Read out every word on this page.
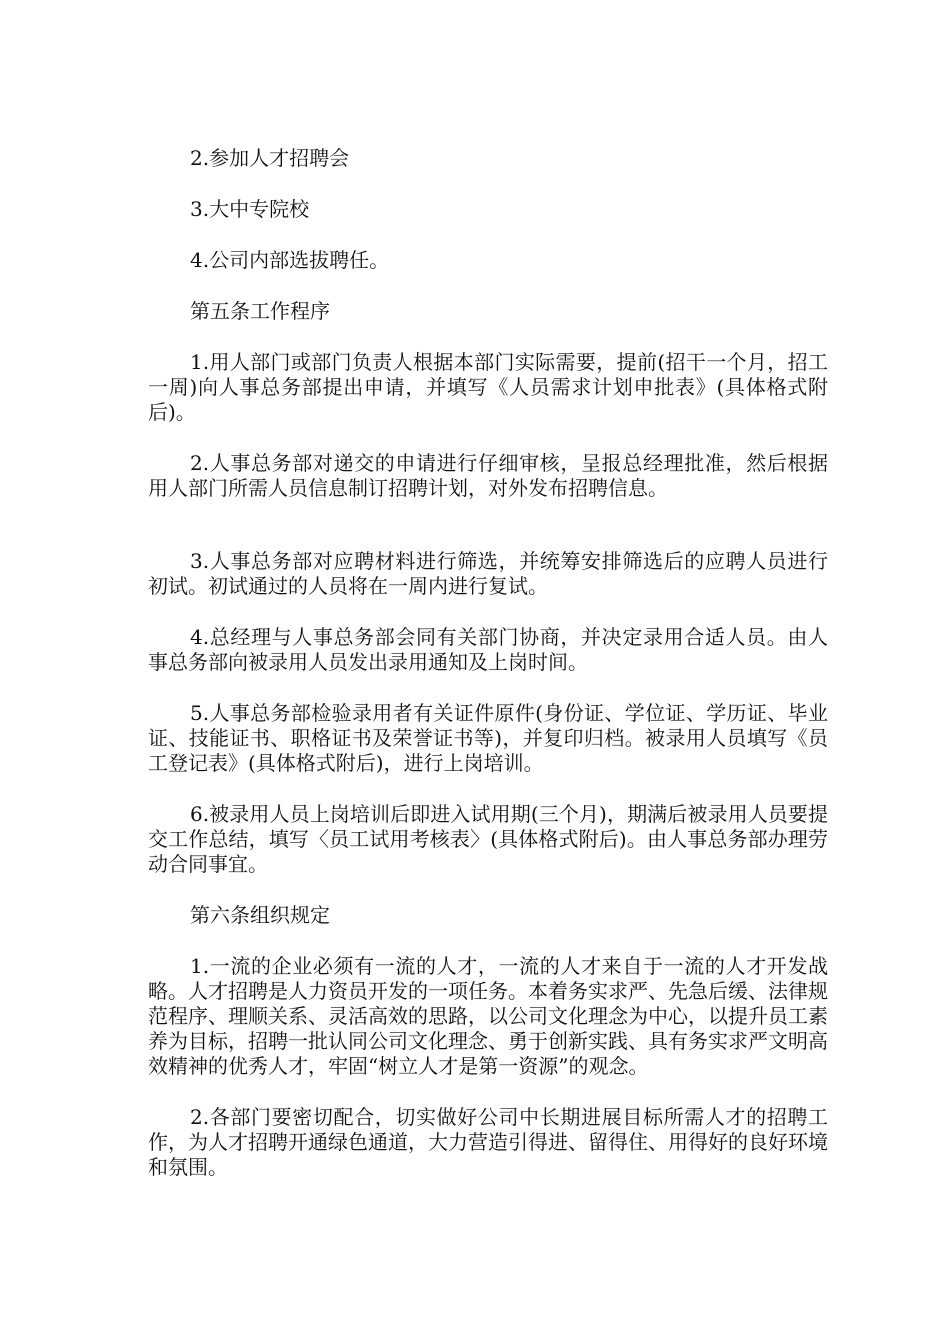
2.参加人才招聘会

3.大中专院校

4.公司内部选拔聘任。

第五条工作程序

1.用人部门或部门负责人根据本部门实际需要，提前(招干一个月，招工一周)向人事总务部提出申请，并填写《人员需求计划申批表》(具体格式附后)。

2.人事总务部对递交的申请进行仔细审核，呈报总经理批准，然后根据用人部门所需人员信息制订招聘计划，对外发布招聘信息。

3.人事总务部对应聘材料进行筛选，并统筹安排筛选后的应聘人员进行初试。初试通过的人员将在一周内进行复试。

4.总经理与人事总务部会同有关部门协商，并决定录用合适人员。由人事总务部向被录用人员发出录用通知及上岗时间。

5.人事总务部检验录用者有关证件原件(身份证、学位证、学历证、毕业证、技能证书、职格证书及荣誉证书等)，并复印归档。被录用人员填写《员工登记表》(具体格式附后)，进行上岗培训。

6.被录用人员上岗培训后即进入试用期(三个月)，期满后被录用人员要提交工作总结，填写〈员工试用考核表〉(具体格式附后)。由人事总务部办理劳动合同事宜。

第六条组织规定

1.一流的企业必须有一流的人才，一流的人才来自于一流的人才开发战略。人才招聘是人力资员开发的一项任务。本着务实求严、先急后缓、法律规范程序、理顺关系、灵活高效的思路，以公司文化理念为中心，以提升员工素养为目标，招聘一批认同公司文化理念、勇于创新实践、具有务实求严文明高效精神的优秀人才，牢固“树立人才是第一资源”的观念。

2.各部门要密切配合，切实做好公司中长期进展目标所需人才的招聘工作，为人才招聘开通绿色通道，大力营造引得进、留得住、用得好的良好环境和氛围。
